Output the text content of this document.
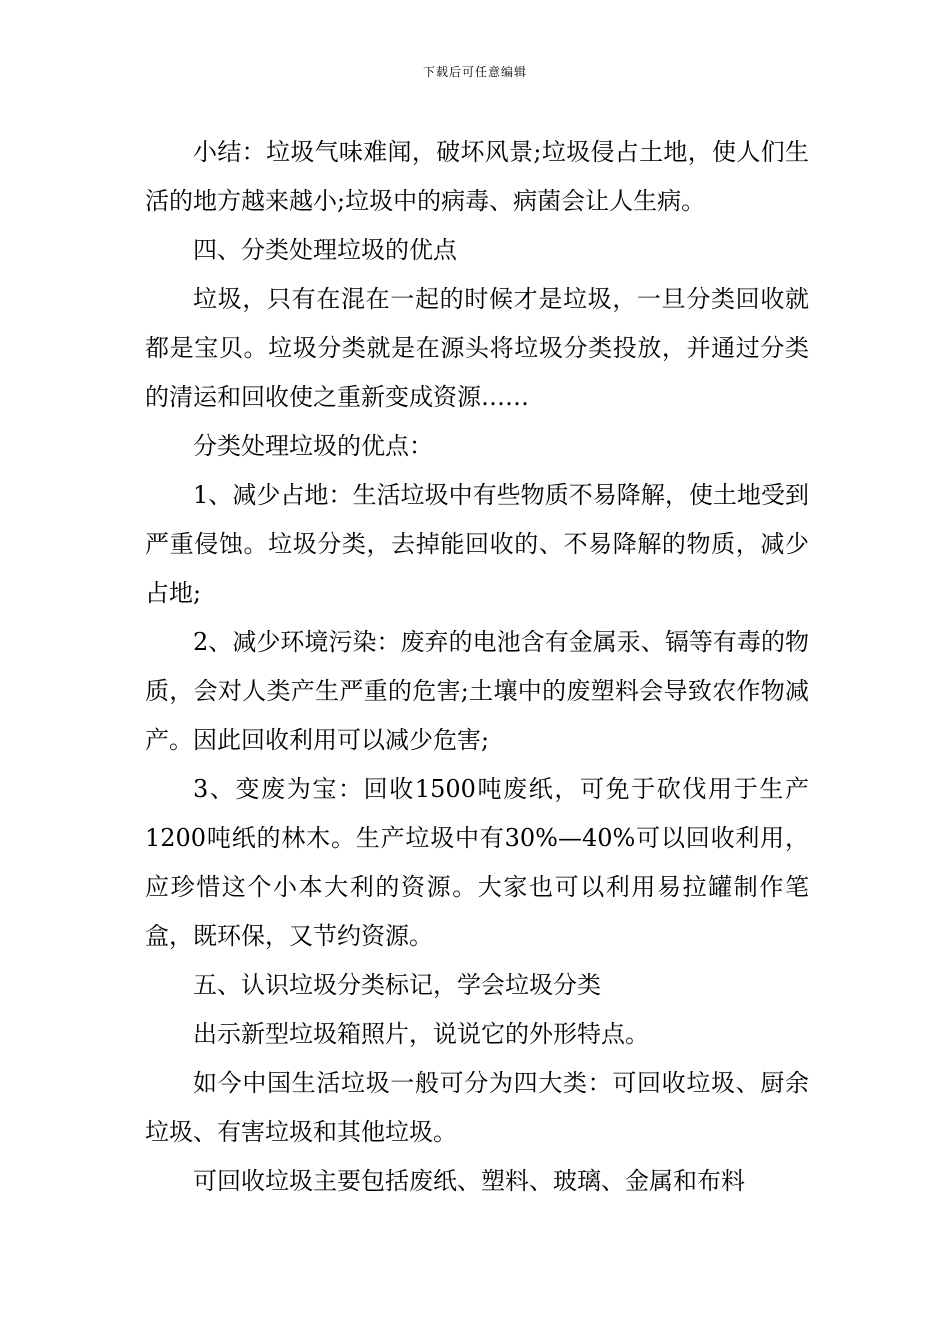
下载后可任意编辑

小结：垃圾气味难闻，破坏风景;垃圾侵占土地，使人们生活的地方越来越小;垃圾中的病毒、病菌会让人生病。

四、分类处理垃圾的优点

垃圾，只有在混在一起的时候才是垃圾，一旦分类回收就都是宝贝。垃圾分类就是在源头将垃圾分类投放，并通过分类的清运和回收使之重新变成资源……

分类处理垃圾的优点：

1、减少占地：生活垃圾中有些物质不易降解，使土地受到严重侵蚀。垃圾分类，去掉能回收的、不易降解的物质，减少占地;

2、减少环境污染：废弃的电池含有金属汞、镉等有毒的物质，会对人类产生严重的危害;土壤中的废塑料会导致农作物减产。因此回收利用可以减少危害;

3、变废为宝：回收1500吨废纸，可免于砍伐用于生产1200吨纸的林木。生产垃圾中有30%—40%可以回收利用，应珍惜这个小本大利的资源。大家也可以利用易拉罐制作笔盒，既环保，又节约资源。

五、认识垃圾分类标记，学会垃圾分类

出示新型垃圾箱照片，说说它的外形特点。

如今中国生活垃圾一般可分为四大类：可回收垃圾、厨余垃圾、有害垃圾和其他垃圾。

可回收垃圾主要包括废纸、塑料、玻璃、金属和布料
